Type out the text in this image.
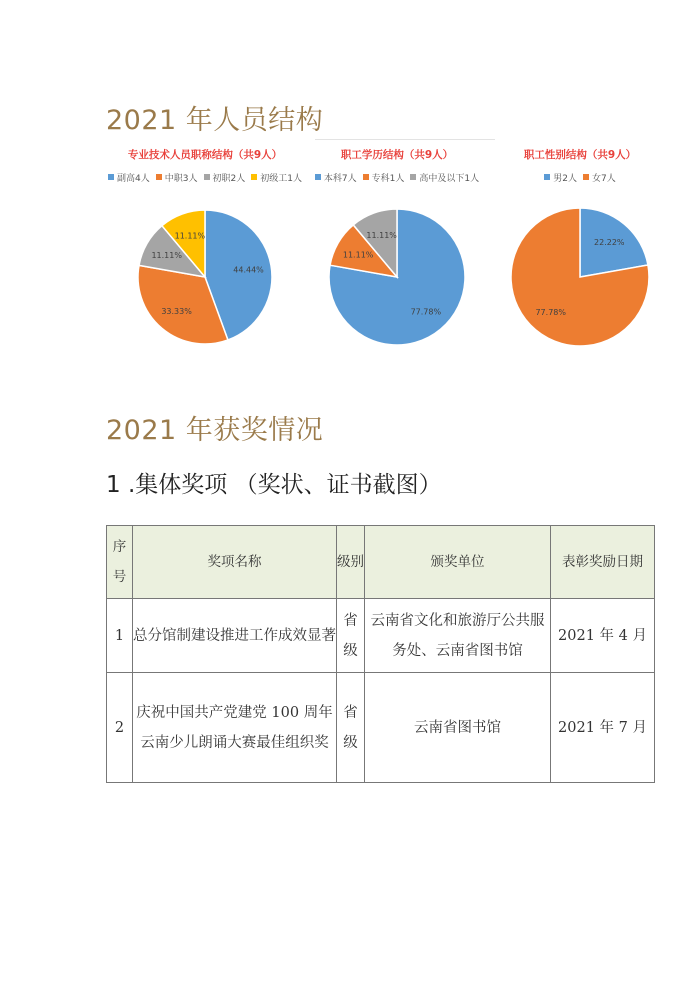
2021 年人员结构
专业技术人员职称结构（共9人）
副高4人 中职3人 初职2人 初级工1人
44.44%
33.33%
11.11%
11.11%
职工学历结构（共9人）
本科7人 专科1人 高中及以下1人
77.78%
11.11%
11.11%
职工性别结构（共9人）
男2人 女7人
22.22%
77.78%
2021 年获奖情况
1 .集体奖项 （奖状、证书截图）
序号	奖项名称	级别	颁奖单位	表彰奖励日期
1	总分馆制建设推进工作成效显著	省级	云南省文化和旅游厅公共服务处、云南省图书馆	2021 年 4 月
2	庆祝中国共产党建党 100 周年云南少儿朗诵大赛最佳组织奖	省级	云南省图书馆	2021 年 7 月
